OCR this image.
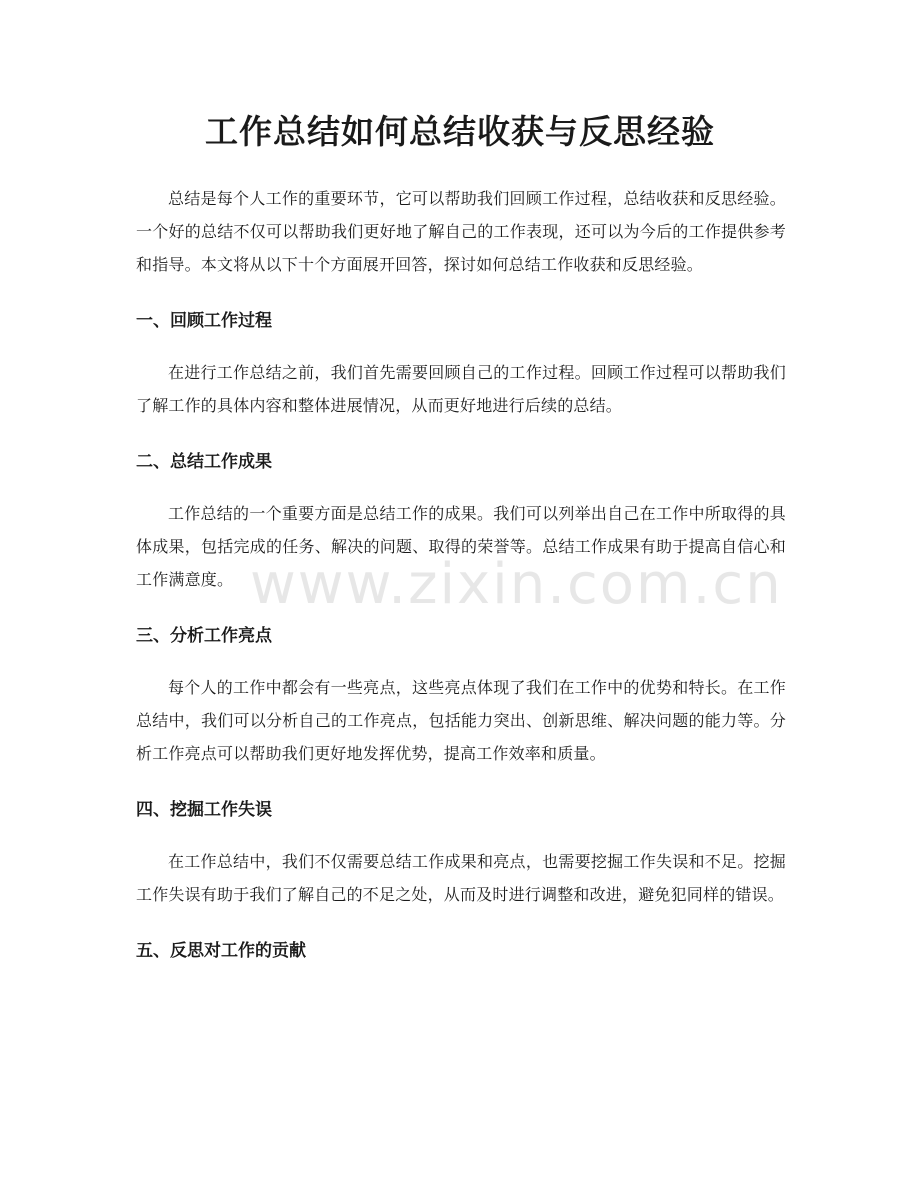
工作总结如何总结收获与反思经验

总结是每个人工作的重要环节，它可以帮助我们回顾工作过程，总结收获和反思经验。一个好的总结不仅可以帮助我们更好地了解自己的工作表现，还可以为今后的工作提供参考和指导。本文将从以下十个方面展开回答，探讨如何总结工作收获和反思经验。

一、回顾工作过程

在进行工作总结之前，我们首先需要回顾自己的工作过程。回顾工作过程可以帮助我们了解工作的具体内容和整体进展情况，从而更好地进行后续的总结。

二、总结工作成果

工作总结的一个重要方面是总结工作的成果。我们可以列举出自己在工作中所取得的具体成果，包括完成的任务、解决的问题、取得的荣誉等。总结工作成果有助于提高自信心和工作满意度。

三、分析工作亮点

每个人的工作中都会有一些亮点，这些亮点体现了我们在工作中的优势和特长。在工作总结中，我们可以分析自己的工作亮点，包括能力突出、创新思维、解决问题的能力等。分析工作亮点可以帮助我们更好地发挥优势，提高工作效率和质量。

四、挖掘工作失误

在工作总结中，我们不仅需要总结工作成果和亮点，也需要挖掘工作失误和不足。挖掘工作失误有助于我们了解自己的不足之处，从而及时进行调整和改进，避免犯同样的错误。

五、反思对工作的贡献
www.zixin.com.cn
